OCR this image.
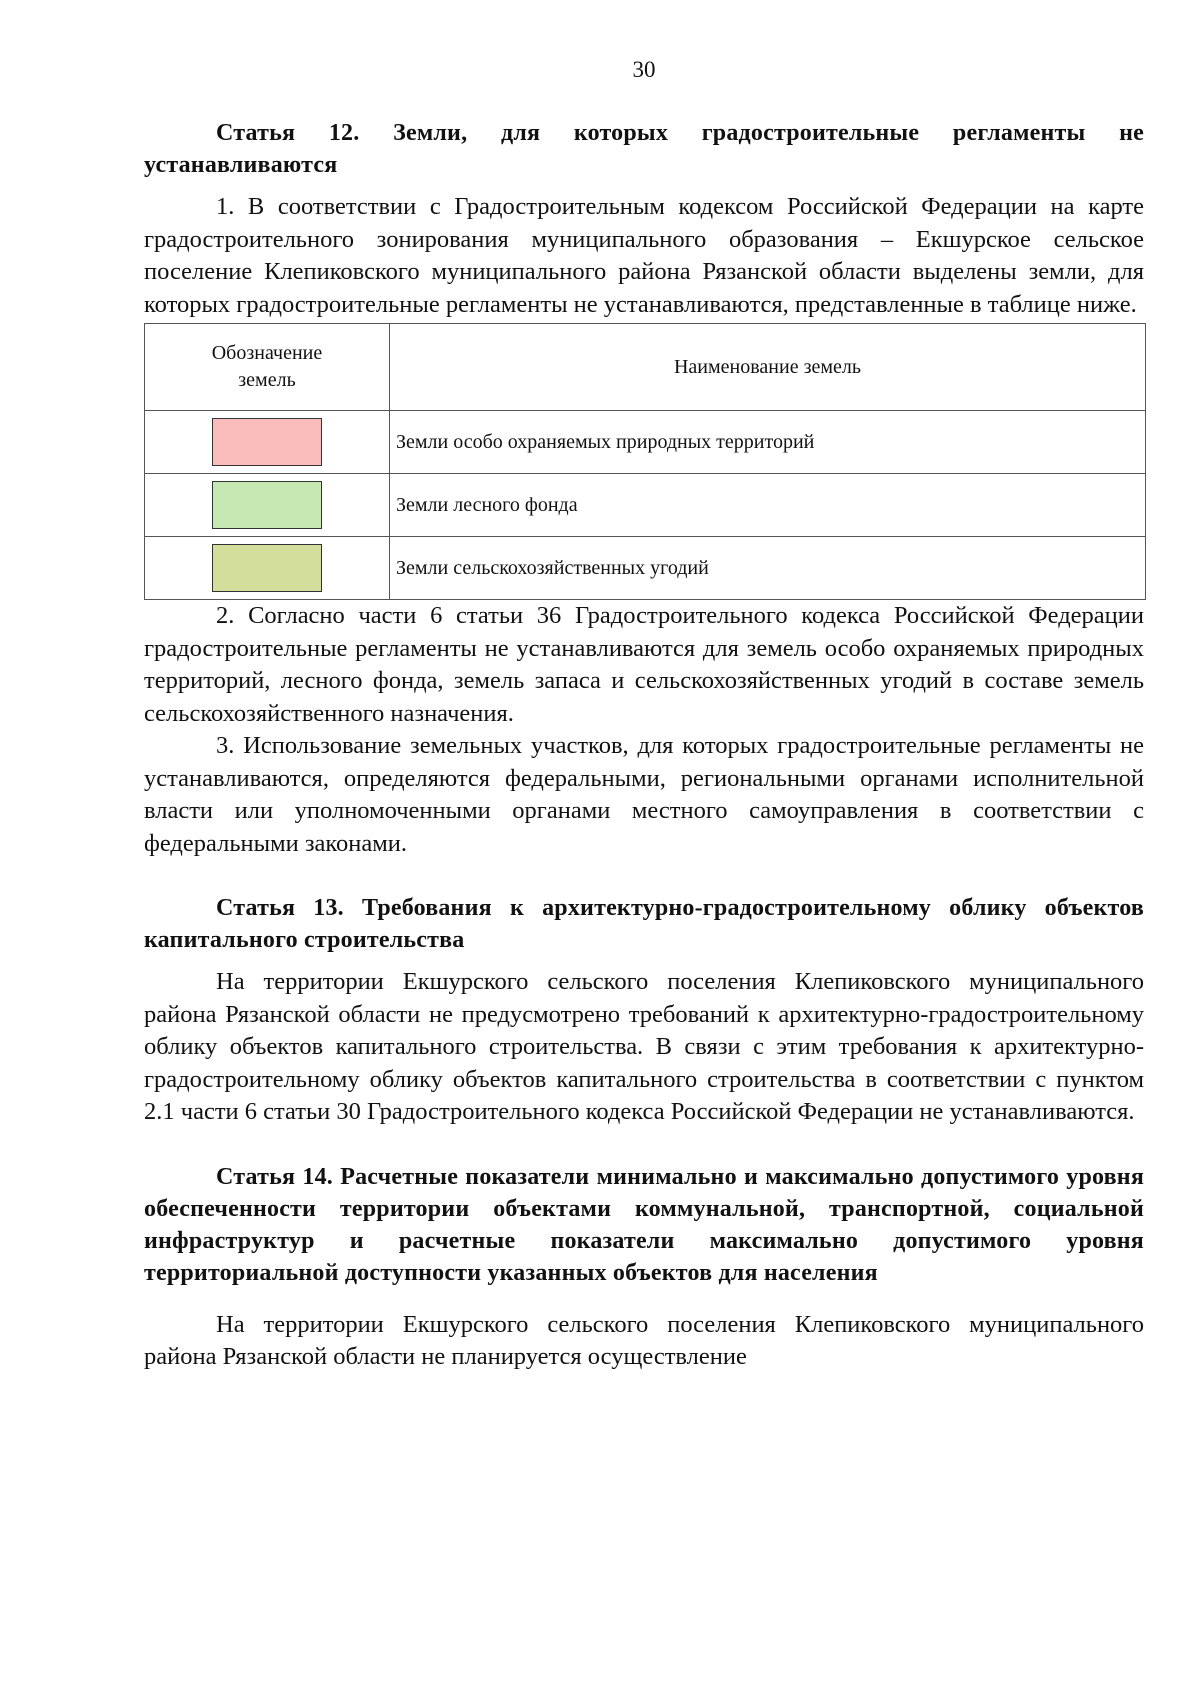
30

Статья 12. Земли, для которых градостроительные регламенты не устанавливаются

1. В соответствии с Градостроительным кодексом Российской Федерации на карте градостроительного зонирования муниципального образования – Екшурское сельское поселение Клепиковского муниципального района Рязанской области выделены земли, для которых градостроительные регламенты не устанавливаются, представленные в таблице ниже.

Обозначение земель	Наименование земель
	Земли особо охраняемых природных территорий
	Земли лесного фонда
	Земли сельскохозяйственных угодий

2. Согласно части 6 статьи 36 Градостроительного кодекса Российской Федерации градостроительные регламенты не устанавливаются для земель особо охраняемых природных территорий, лесного фонда, земель запаса и сельскохозяйственных угодий в составе земель сельскохозяйственного назначения.

3. Использование земельных участков, для которых градостроительные регламенты не устанавливаются, определяются федеральными, региональными органами исполнительной власти или уполномоченными органами местного самоуправления в соответствии с федеральными законами.

Статья 13. Требования к архитектурно-градостроительному облику объектов капитального строительства

На территории Екшурского сельского поселения Клепиковского муниципального района Рязанской области не предусмотрено требований к архитектурно-градостроительному облику объектов капитального строительства. В связи с этим требования к архитектурно-градостроительному облику объектов капитального строительства в соответствии с пунктом 2.1 части 6 статьи 30 Градостроительного кодекса Российской Федерации не устанавливаются.

Статья 14. Расчетные показатели минимально и максимально допустимого уровня обеспеченности территории объектами коммунальной, транспортной, социальной инфраструктур и расчетные показатели максимально допустимого уровня территориальной доступности указанных объектов для населения

На территории Екшурского сельского поселения Клепиковского муниципального района Рязанской области не планируется осуществление
